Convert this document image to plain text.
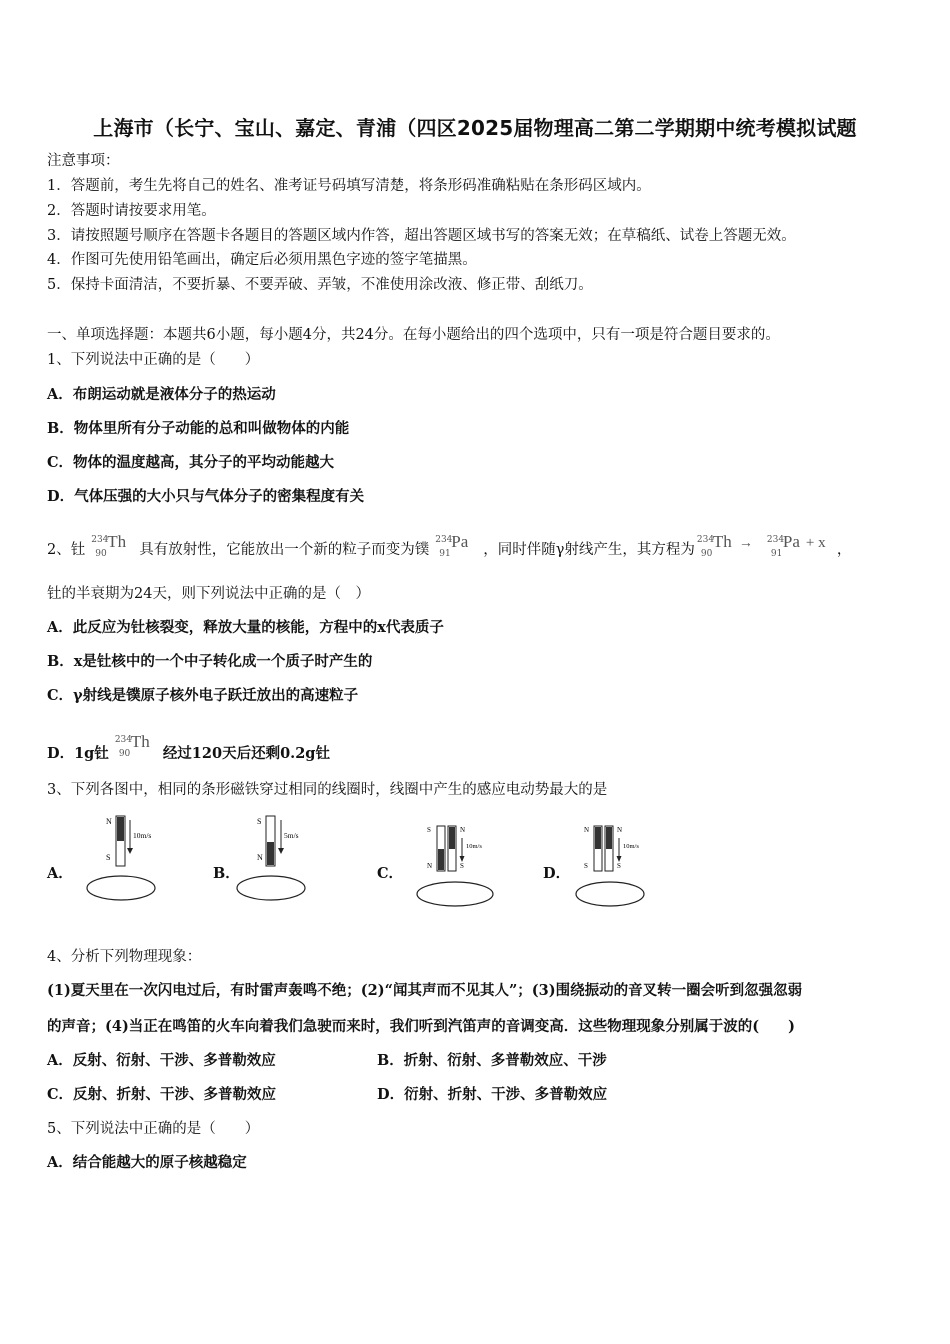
上海市（长宁、宝山、嘉定、青浦（四区2025届物理高二第二学期期中统考模拟试题
注意事项：
1．答题前，考生先将自己的姓名、准考证号码填写清楚，将条形码准确粘贴在条形码区域内。
2．答题时请按要求用笔。
3．请按照题号顺序在答题卡各题目的答题区域内作答，超出答题区域书写的答案无效；在草稿纸、试卷上答题无效。
4．作图可先使用铅笔画出，确定后必须用黑色字迹的签字笔描黑。
5．保持卡面清洁，不要折暴、不要弄破、弄皱，不准使用涂改液、修正带、刮纸刀。
一、单项选择题：本题共6小题，每小题4分，共24分。在每小题给出的四个选项中，只有一项是符合题目要求的。
1、下列说法中正确的是（　　）
A．布朗运动就是液体分子的热运动
B．物体里所有分子动能的总和叫做物体的内能
C．物体的温度越高，其分子的平均动能越大
D．气体压强的大小只与气体分子的密集程度有关
2、钍
234
90
Th 具有放射性，它能放出一个新的粒子而变为镤
234
91
Pa ，同时伴随γ射线产生，其方程为
234
90
Th → 234
91
Pa + x ，
钍的半衰期为24天，则下列说法中正确的是（　）
A．此反应为钍核裂变，释放大量的核能，方程中的x代表质子
B．x是钍核中的一个中子转化成一个质子时产生的
C．γ射线是镤原子核外电子跃迁放出的高速粒子
D．1g钍
234
90
Th
经过120天后还剩0.2g钍
3、下列各图中，相同的条形磁铁穿过相同的线圈时，线圈中产生的感应电动势最大的是
A．	B．	C．	D．
N
S
10m/s
S
N
5m/s
S
N
N
S
10m/s
N
S
N
S
10m/s
4、分析下列物理现象：
(1)夏天里在一次闪电过后，有时雷声轰鸣不绝；(2)“闻其声而不见其人”；(3)围绕振动的音叉转一圈会听到忽强忽弱
的声音；(4)当正在鸣笛的火车向着我们急驶而来时，我们听到汽笛声的音调变高．这些物理现象分别属于波的(　　)
A．反射、衍射、干涉、多普勒效应	B．折射、衍射、多普勒效应、干涉
C．反射、折射、干涉、多普勒效应	D．衍射、折射、干涉、多普勒效应
5、下列说法中正确的是（　　）
A．结合能越大的原子核越稳定
